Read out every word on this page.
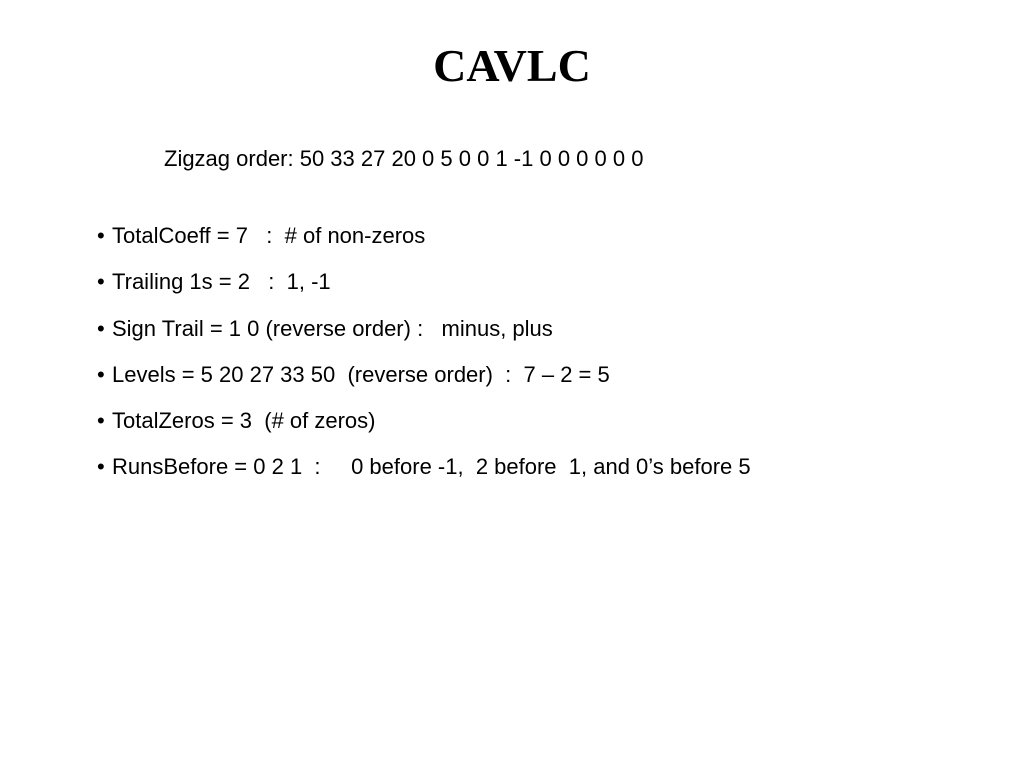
CAVLC
Zigzag order: 50 33 27 20 0 5 0 0 1 -1 0 0 0 0 0 0
• TotalCoeff = 7   :  # of non-zeros
• Trailing 1s = 2   :  1, -1
• Sign Trail = 1 0 (reverse order) :   minus, plus
• Levels = 5 20 27 33 50  (reverse order)  :  7 – 2 = 5
• TotalZeros = 3  (# of zeros)
• RunsBefore = 0 2 1  :     0 before -1,  2 before  1, and 0’s before 5
